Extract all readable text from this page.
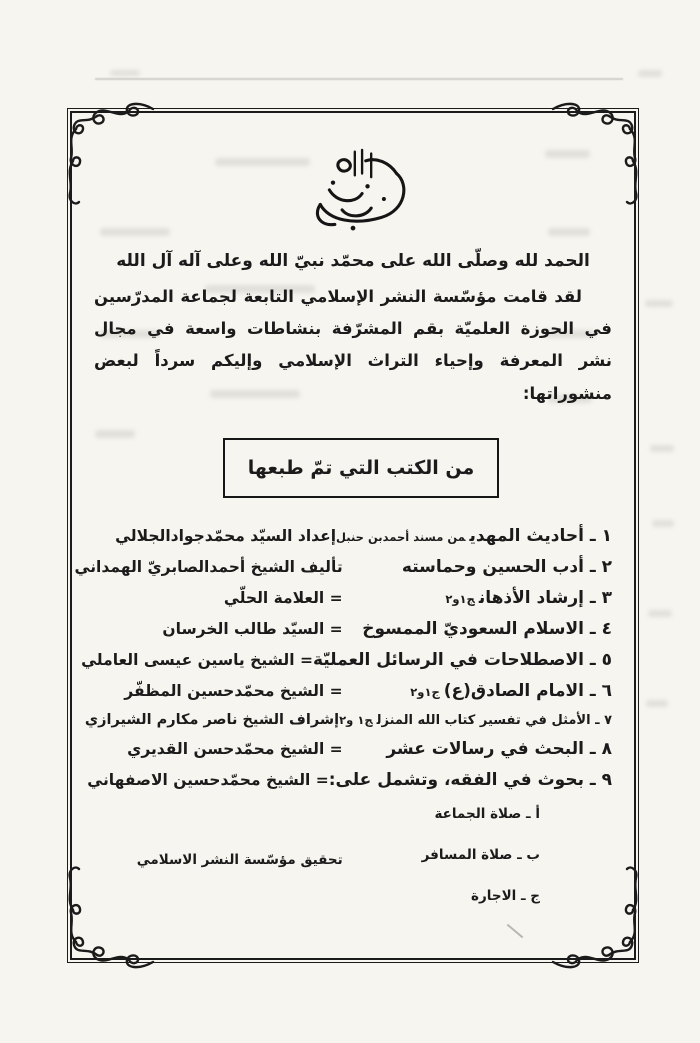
الحمد لله وصلّى الله على محمّد نبيّ الله وعلى آله آل الله

لقد قامت مؤسّسة النشر الإسلامي التابعة لجماعة المدرّسين في الحوزة العلميّة بقم المشرّفة بنشاطات واسعة في مجال نشر المعرفة وإحياء التراث الإسلامي وإليكم سرداً لبعض منشوراتها:

من الكتب التي تمّ طبعها
١ ـ أحاديث المهديمن مسند أحمدبن حنبل
إعداد السيّد محمّدجوادالجلالي
٢ ـ أدب الحسين وحماسته
تأليف الشيخ أحمدالصابريّ الهمداني
٣ ـ إرشاد الأذهانج١و٢
= العلامة الحلّي
٤ ـ الاسلام السعوديّ الممسوخ
= السيّد طالب الخرسان
٥ ـ الاصطلاحات في الرسائل العمليّة
= الشيخ ياسين عيسى العاملي
٦ ـ الامام الصادق(ع)ج١و٢
= الشيخ محمّدحسين المظفّر
٧ ـ الأمثل في تفسير كتاب الله المنزلج١ و٢
إشراف الشيخ ناصر مكارم الشيرازي
٨ ـ البحث في رسالات عشر
= الشيخ محمّدحسن القديري
٩ ـ بحوث في الفقه، وتشمل على:
= الشيخ محمّدحسين الاصفهاني
أ ـ صلاة الجماعة
ب ـ صلاة المسافر
ج ـ الاجارة
تحقيق مؤسّسة النشر الاسلامي
